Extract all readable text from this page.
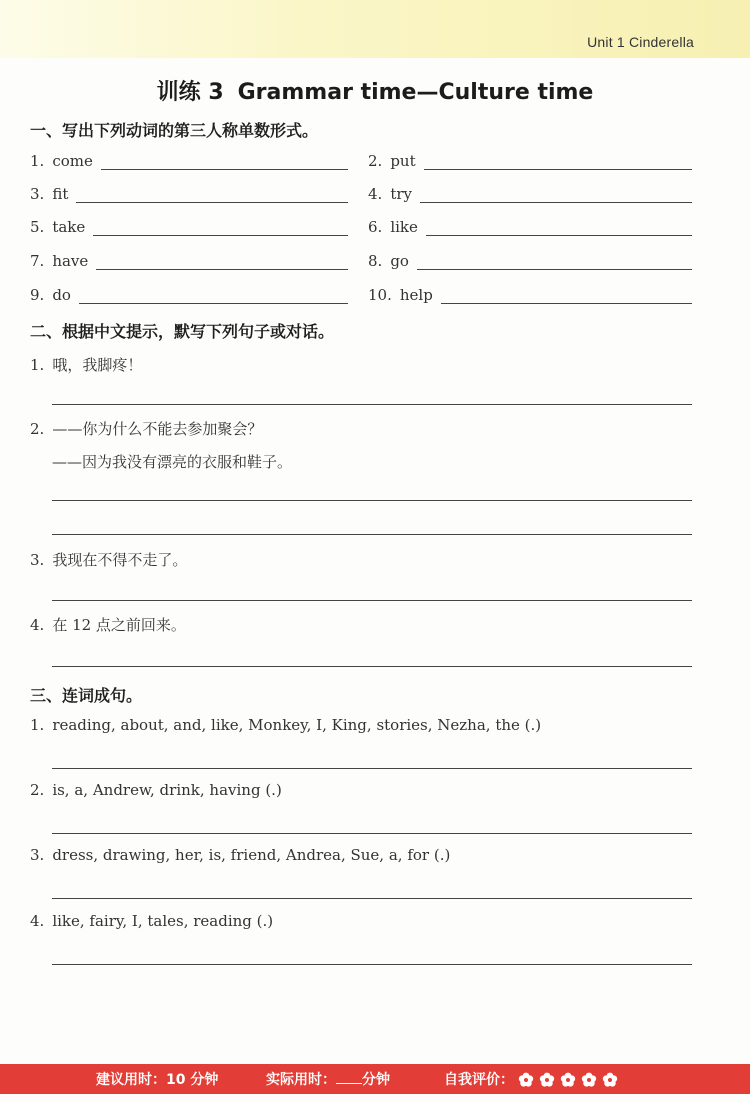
Unit 1 Cinderella
训练 3 Grammar time—Culture time
一、写出下列动词的第三人称单数形式。
1. come	2. put
3. fit	4. try
5. take	6. like
7. have	8. go
9. do	10. help
二、根据中文提示，默写下列句子或对话。
1. 哦，我脚疼！
2. ——你为什么不能去参加聚会？
——因为我没有漂亮的衣服和鞋子。
3. 我现在不得不走了。
4. 在 12 点之前回来。
三、连词成句。
1. reading, about, and, like, Monkey, I, King, stories, Nezha, the (.)
2. is, a, Andrew, drink, having (.)
3. dress, drawing, her, is, friend, Andrea, Sue, a, for (.)
4. like, fairy, I, tales, reading (.)
建议用时：10 分钟	实际用时： 分钟	自我评价：
